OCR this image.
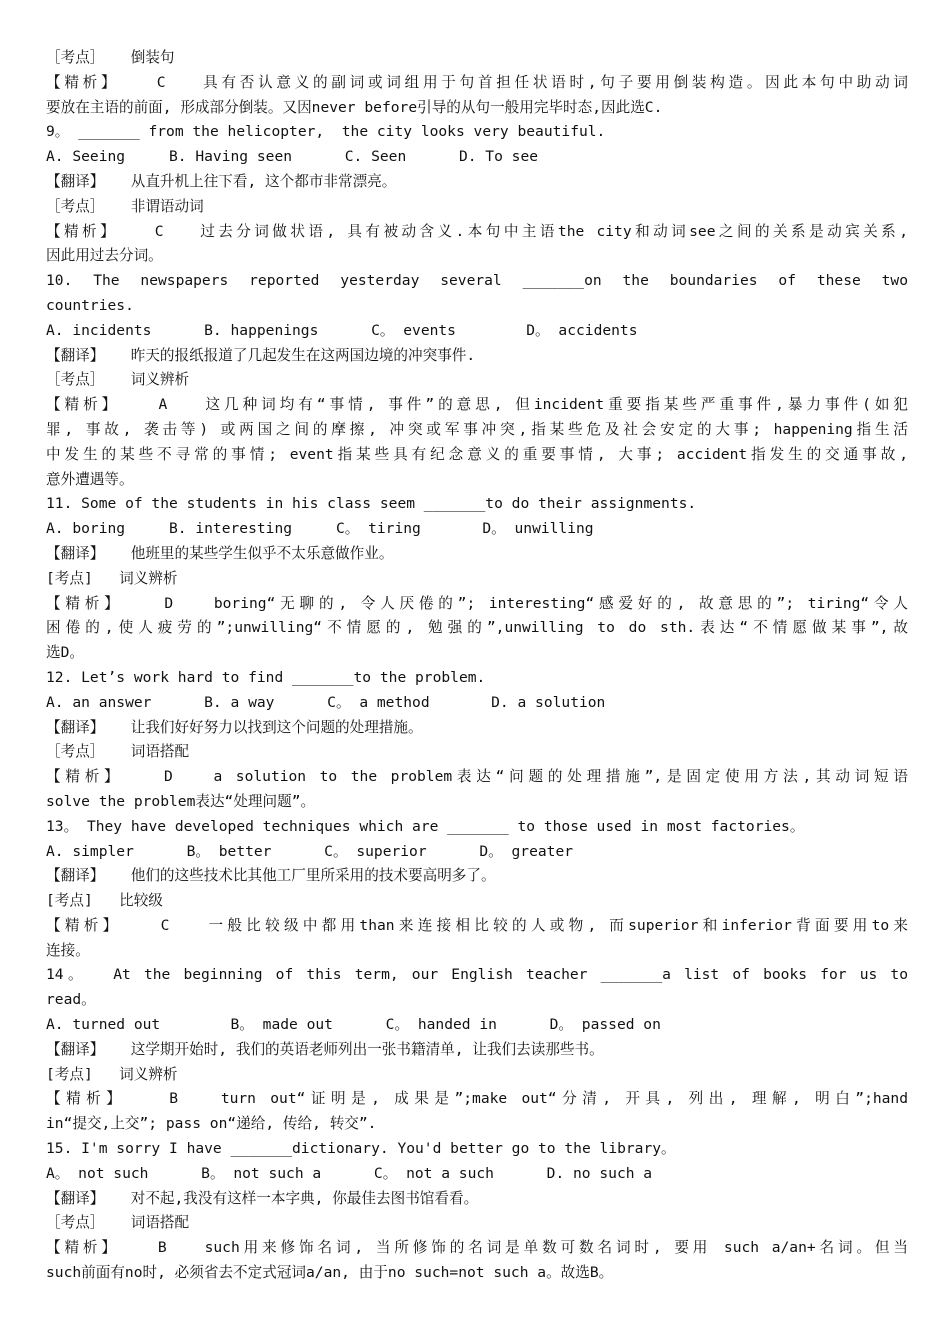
［考点］   倒装句
【精析】   C   具有否认意义的副词或词组用于句首担任状语时,句子要用倒装构造。因此本句中助动词
要放在主语的前面, 形成部分倒装。又因never before引导的从句一般用完毕时态,因此选C.
9。 _______ from the helicopter,  the city looks very beautiful.
A. Seeing     B. Having seen      C. Seen      D. To see
【翻译】   从直升机上往下看, 这个都市非常漂亮。
［考点］   非谓语动词
【精析】   C   过去分词做状语, 具有被动含义.本句中主语the city和动词see之间的关系是动宾关系,
因此用过去分词。
10.  The  newspapers  reported  yesterday  several  _______on  the  boundaries  of  these  two
countries.
A. incidents      B. happenings      C。 events        D。 accidents
【翻译】   昨天的报纸报道了几起发生在这两国边境的冲突事件.
［考点］   词义辨析
【精析】   A   这几种词均有“事情, 事件”的意思, 但incident重要指某些严重事件,暴力事件(如犯
罪, 事故, 袭击等) 或两国之间的摩擦, 冲突或军事冲突,指某些危及社会安定的大事; happening指生活
中发生的某些不寻常的事情; event指某些具有纪念意义的重要事情, 大事; accident指发生的交通事故,
意外遭遇等。
11. Some of the students in his class seem _______to do their assignments.
A. boring     B. interesting     C。 tiring       D。 unwilling
【翻译】   他班里的某些学生似乎不太乐意做作业。
[考点]   词义辨析
【精析】   D   boring“无聊的, 令人厌倦的”; interesting“感爱好的, 故意思的”; tiring“令人
困倦的,使人疲劳的”;unwilling“不情愿的, 勉强的”,unwilling to do sth.表达“不情愿做某事”,故
选D。
12. Let’s work hard to find _______to the problem.
A. an answer      B. a way      C。 a method       D. a solution
【翻译】   让我们好好努力以找到这个问题的处理措施。
［考点］   词语搭配
【精析】   D   a solution to the problem表达“问题的处理措施”,是固定使用方法,其动词短语
solve the problem表达“处理问题”。
13。 They have developed techniques which are _______ to those used in most factories。
A. simpler      B。 better      C。 superior      D。 greater
【翻译】   他们的这些技术比其他工厂里所采用的技术要高明多了。
[考点]   比较级
【精析】   C   一般比较级中都用than来连接相比较的人或物, 而superior和inferior背面要用to来
连接。
14。  At the beginning of this term, our English teacher _______a list of books for us to
read。
A. turned out        B。 made out      C。 handed in      D。 passed on
【翻译】   这学期开始时, 我们的英语老师列出一张书籍清单, 让我们去读那些书。
[考点]   词义辨析
【精析】   B   turn out“证明是, 成果是”;make out“分清, 开具, 列出, 理解, 明白”;hand
in“提交,上交”; pass on“递给, 传给, 转交”.
15. I'm sorry I have _______dictionary. You'd better go to the library。
A。 not such      B。 not such a      C。 not a such      D. no such a
【翻译】   对不起,我没有这样一本字典, 你最佳去图书馆看看。
［考点］   词语搭配
【精析】   B   such用来修饰名词, 当所修饰的名词是单数可数名词时, 要用 such a/an+名词。但当
such前面有no时, 必须省去不定式冠词a/an, 由于no such=not such a。故选B。
